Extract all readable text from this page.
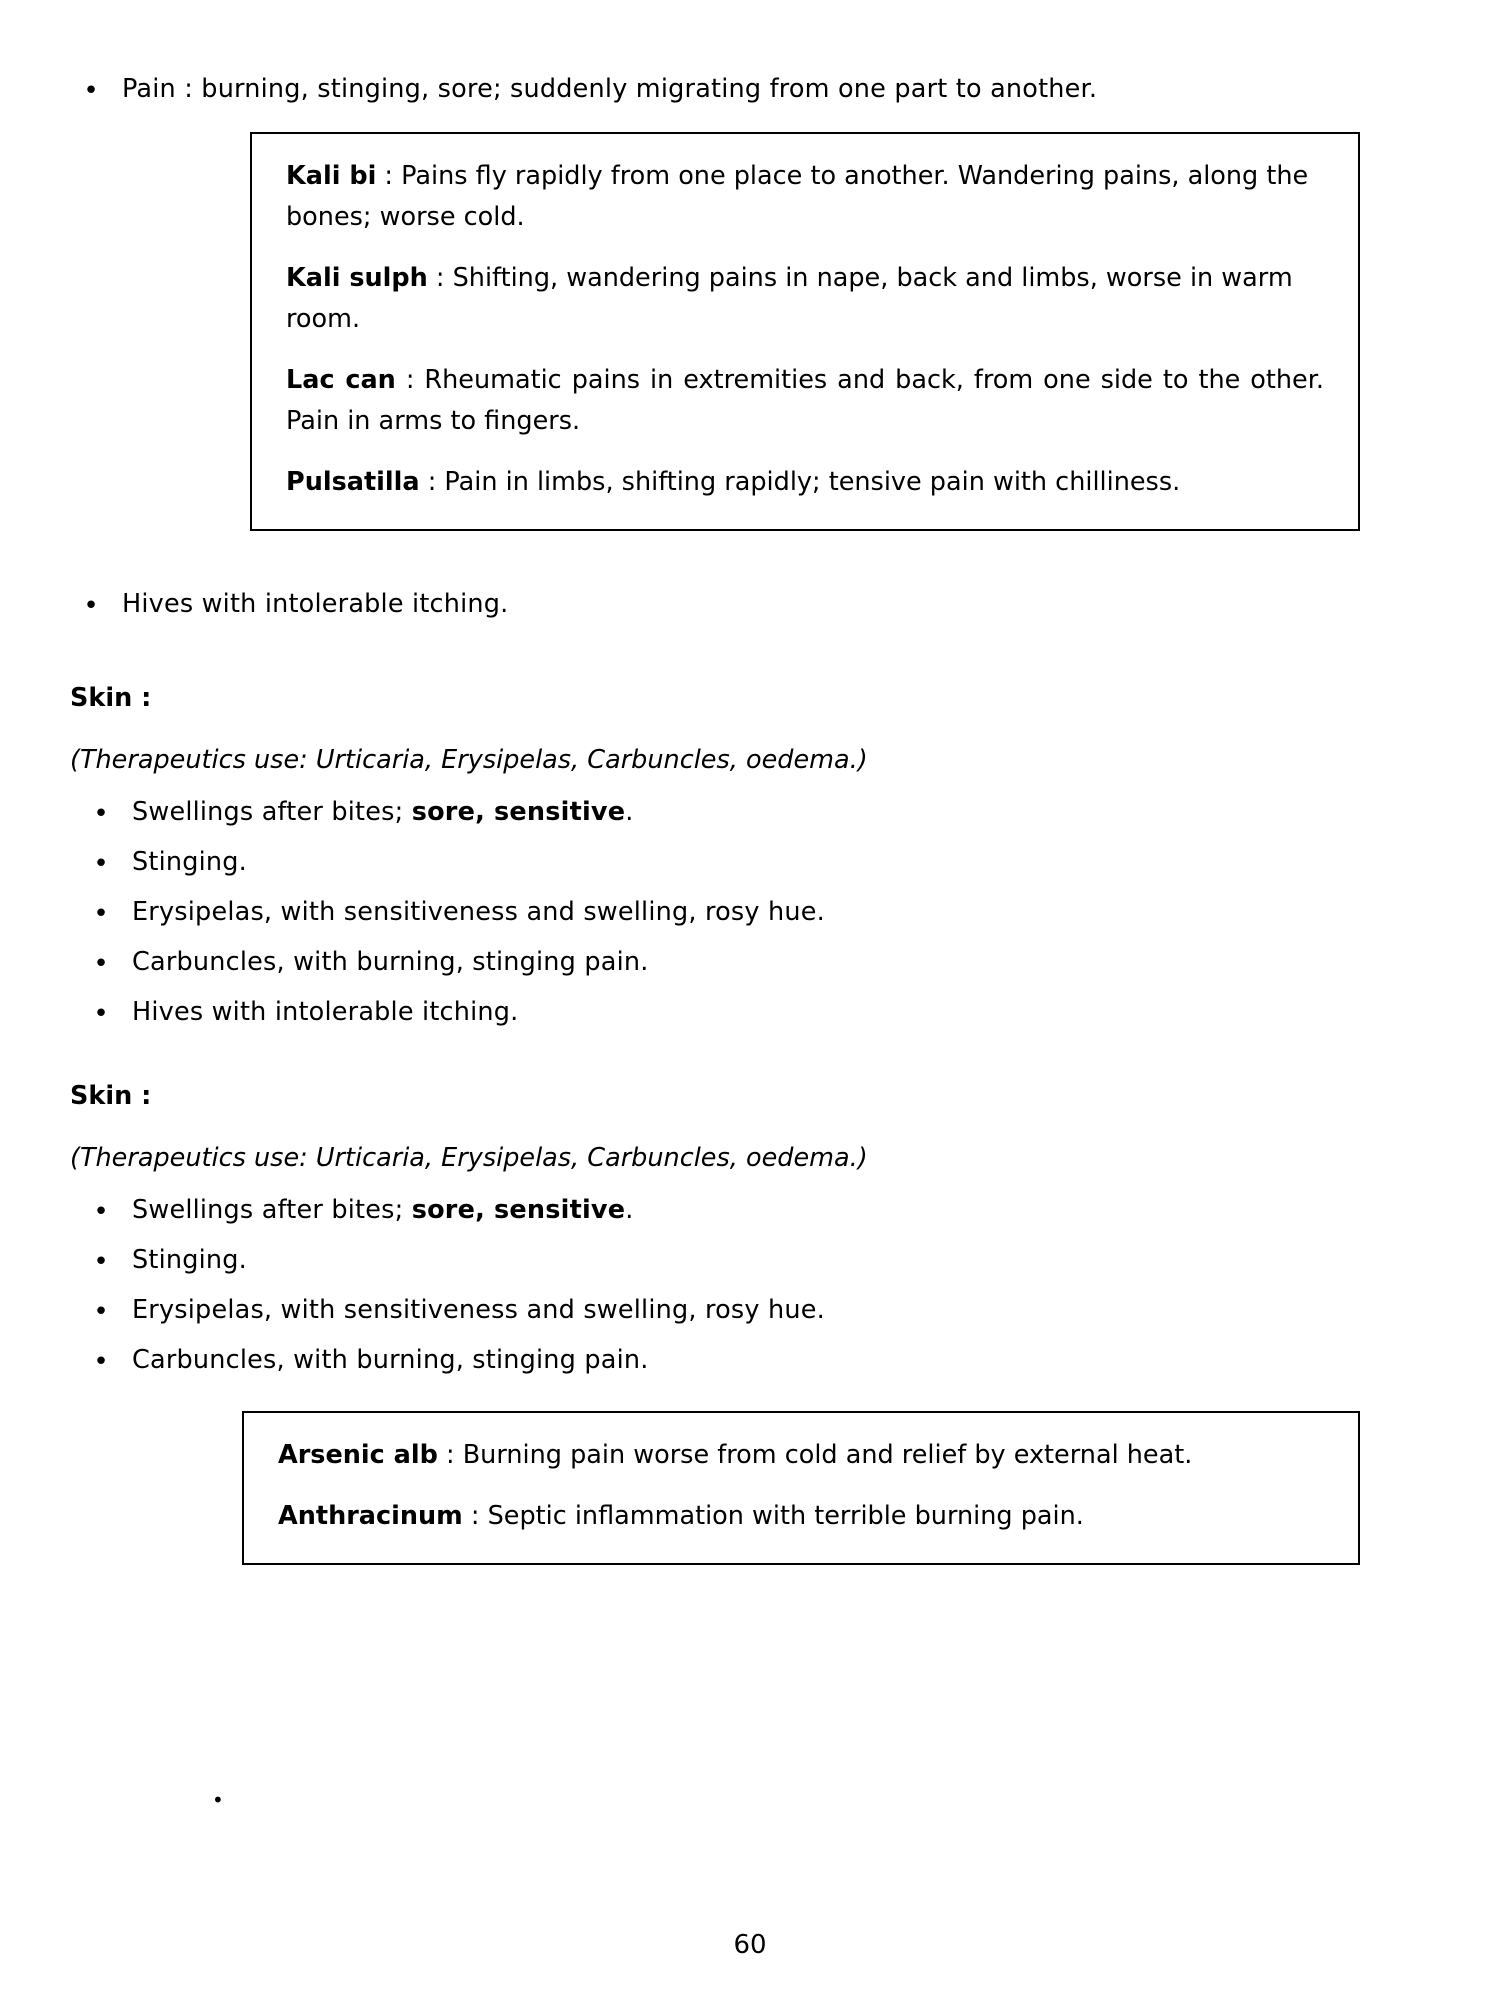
• Pain : burning, stinging, sore; suddenly migrating from one part to another.

Kali bi : Pains fly rapidly from one place to another. Wandering pains, along the bones; worse cold.

Kali sulph : Shifting, wandering pains in nape, back and limbs, worse in warm room.

Lac can : Rheumatic pains in extremities and back, from one side to the other. Pain in arms to fingers.

Pulsatilla : Pain in limbs, shifting rapidly; tensive pain with chilliness.

• Hives with intolerable itching.
Skin :
(Therapeutics use: Urticaria, Erysipelas, Carbuncles, oedema.)
• Swellings after bites; sore, sensitive.
• Stinging.
• Erysipelas, with sensitiveness and swelling, rosy hue.
• Carbuncles, with burning, stinging pain.
• Hives with intolerable itching.
Skin :
(Therapeutics use: Urticaria, Erysipelas, Carbuncles, oedema.)
• Swellings after bites; sore, sensitive.
• Stinging.
• Erysipelas, with sensitiveness and swelling, rosy hue.
• Carbuncles, with burning, stinging pain.

Arsenic alb : Burning pain worse from cold and relief by external heat.

Anthracinum : Septic inflammation with terrible burning pain.

•
60
